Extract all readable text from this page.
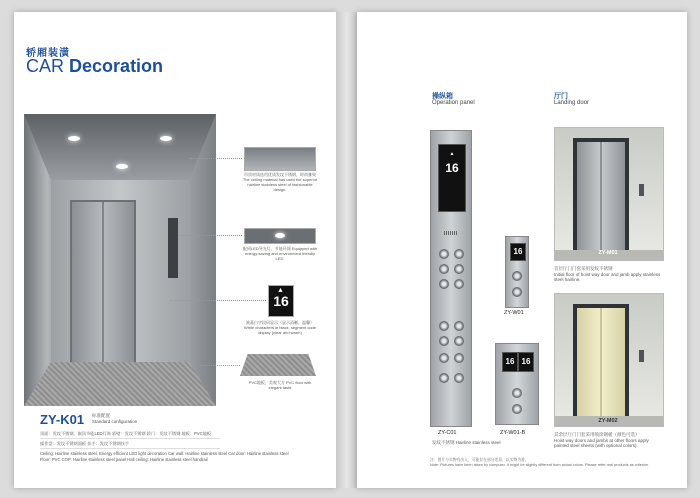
轿厢装潢
CAR Decoration
吊顶材质选用优质发纹不锈钢，时尚雅致 The ceiling material has used the superior hairline stainless steel of fashionable design.
配同LED导光灯，节能环保 Equipped with energy-saving and environment friendly LED.
▲
16
液晶白字段码显示（显示清晰，温馨） White characters in black, segment code display (clear and warm)
PVC地板，美观大方 PVC floor with elegant taste
ZY-K01 标准配置
Standard configuration
顶面：发纹不锈钢，嵌顶节能LED灯饰 轿壁：发纹不锈钢 轿门：发纹不锈钢 地板：PVC地板
操作盘：发纹不锈钢面板 扶手：发纹不锈钢扶手
Ceiling: Hairline stainless steel, Energy efficient LED light decoration Car wall: Hairline stainless steel Car door: Hairline stainless steel
Floor: PVC COP: Hairline stainless steel panel Hall ceiling: Hairline stainless steel handrail
操纵箱
Operation panel
厅门
Landing door
▲
16
16
16 16
ZY-C01
ZY-W01
ZY-W01-B
发纹不锈钢 Hairline stainless steel
ZY-M01
首层厅门门套采用发纹不锈钢
Initial floor of hoist way door and jamb apply stainless steel hairline.
ZY-M02
其余层厅门门套采用喷涂钢板（颜色可选）
Hoist way doors and jambs at other floors apply painted steel sheets (with optional colors).
注：图片与实物有出入，可能存在部分差异，以实物为准。
Note: Pictures have been taken by computer. It might be slightly different from actual colors. Please refer real products as criterion.
